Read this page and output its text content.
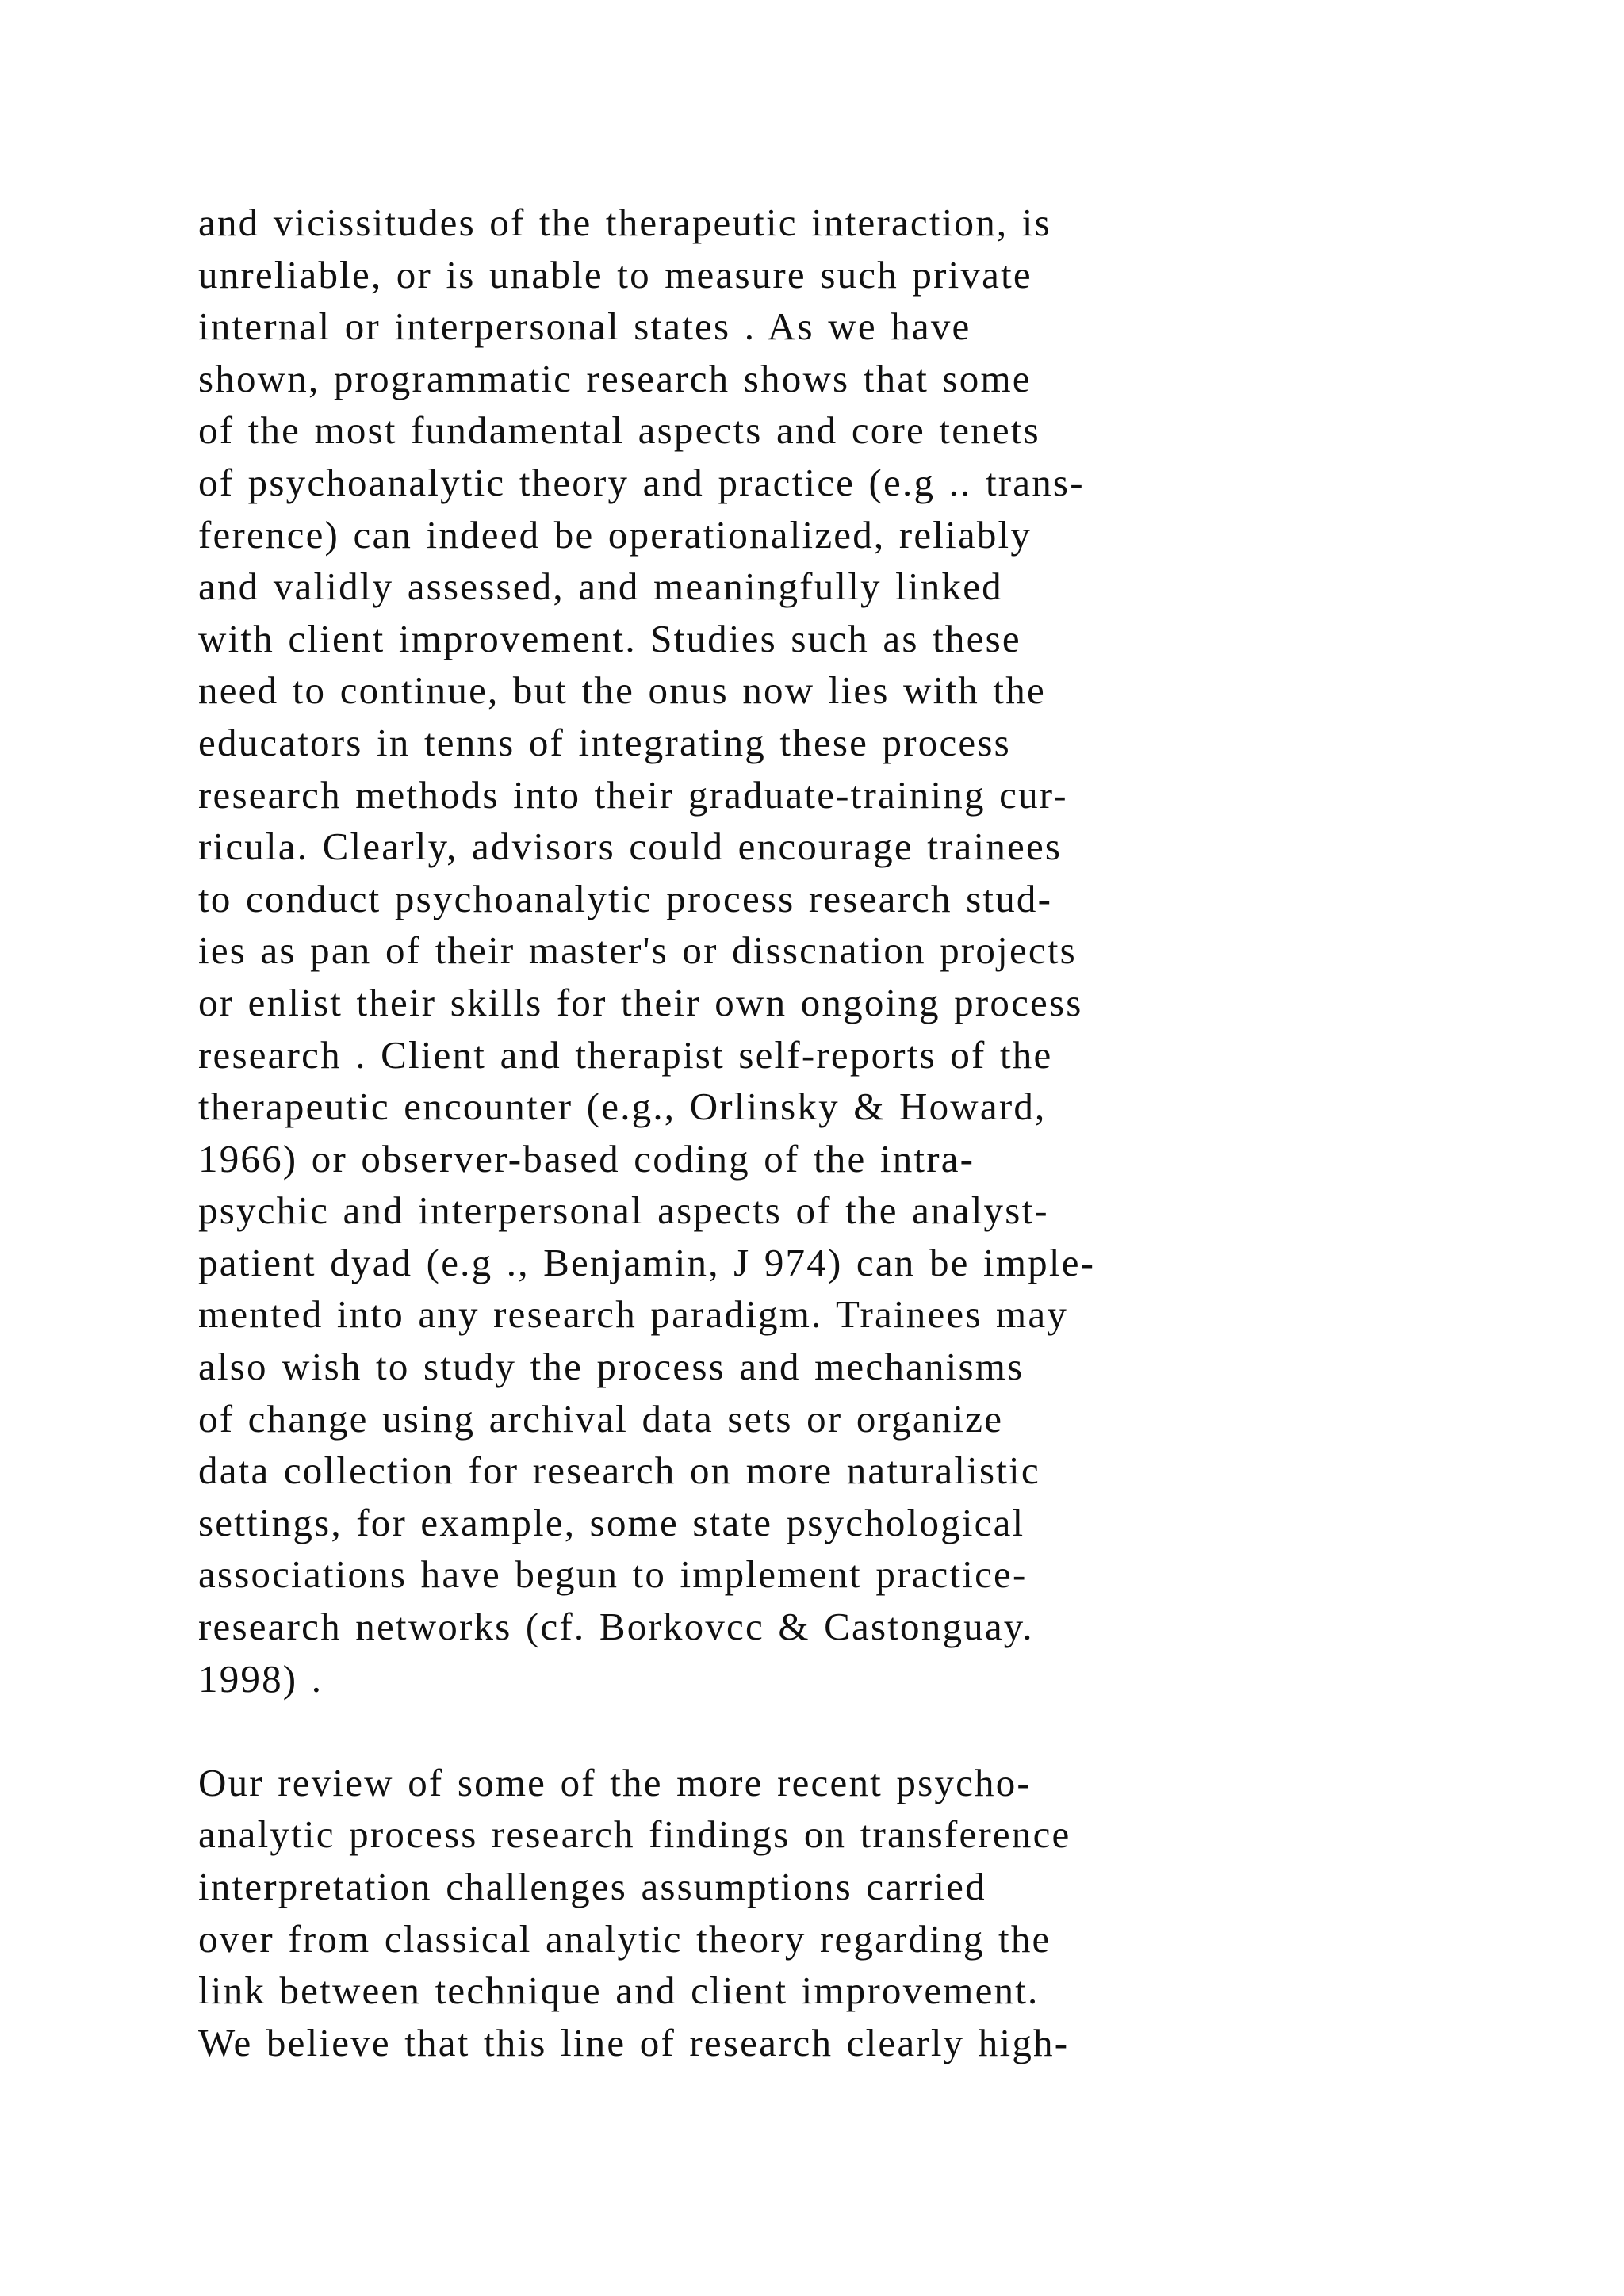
and vicissitudes of the therapeutic interaction, is
unreliable, or is unable to measure such private
internal or interpersonal states . As we have
shown, programmatic research shows that some
of the most fundamental aspects and core tenets
of psychoanalytic theory and practice (e.g .. trans-
ference) can indeed be operationalized, reliably
and validly assessed, and meaningfully linked
with client improvement. Studies such as these
need to continue, but the onus now lies with the
educators in tenns of integrating these process
research methods into their graduate-training cur-
ricula. Clearly, advisors could encourage trainees
to conduct psychoanalytic process research stud-
ies as pan of their master's or disscnation projects
or enlist their skills for their own ongoing process
research . Client and therapist self-reports of the
therapeutic encounter (e.g., Orlinsky & Howard,
1966) or observer-based coding of the intra-
psychic and interpersonal aspects of the analyst-
patient dyad (e.g ., Benjamin, J 974) can be imple-
mented into any research paradigm. Trainees may
also wish to study the process and mechanisms
of change using archival data sets or organize
data collection for research on more naturalistic
settings, for example, some state psychological
associations have begun to implement practice-
research networks (cf. Borkovcc & Castonguay.
1998) .
Our review of some of the more recent psycho-
analytic process research findings on transference
interpretation challenges assumptions carried
over from classical analytic theory regarding the
link between technique and client improvement.
We believe that this line of research clearly high-
